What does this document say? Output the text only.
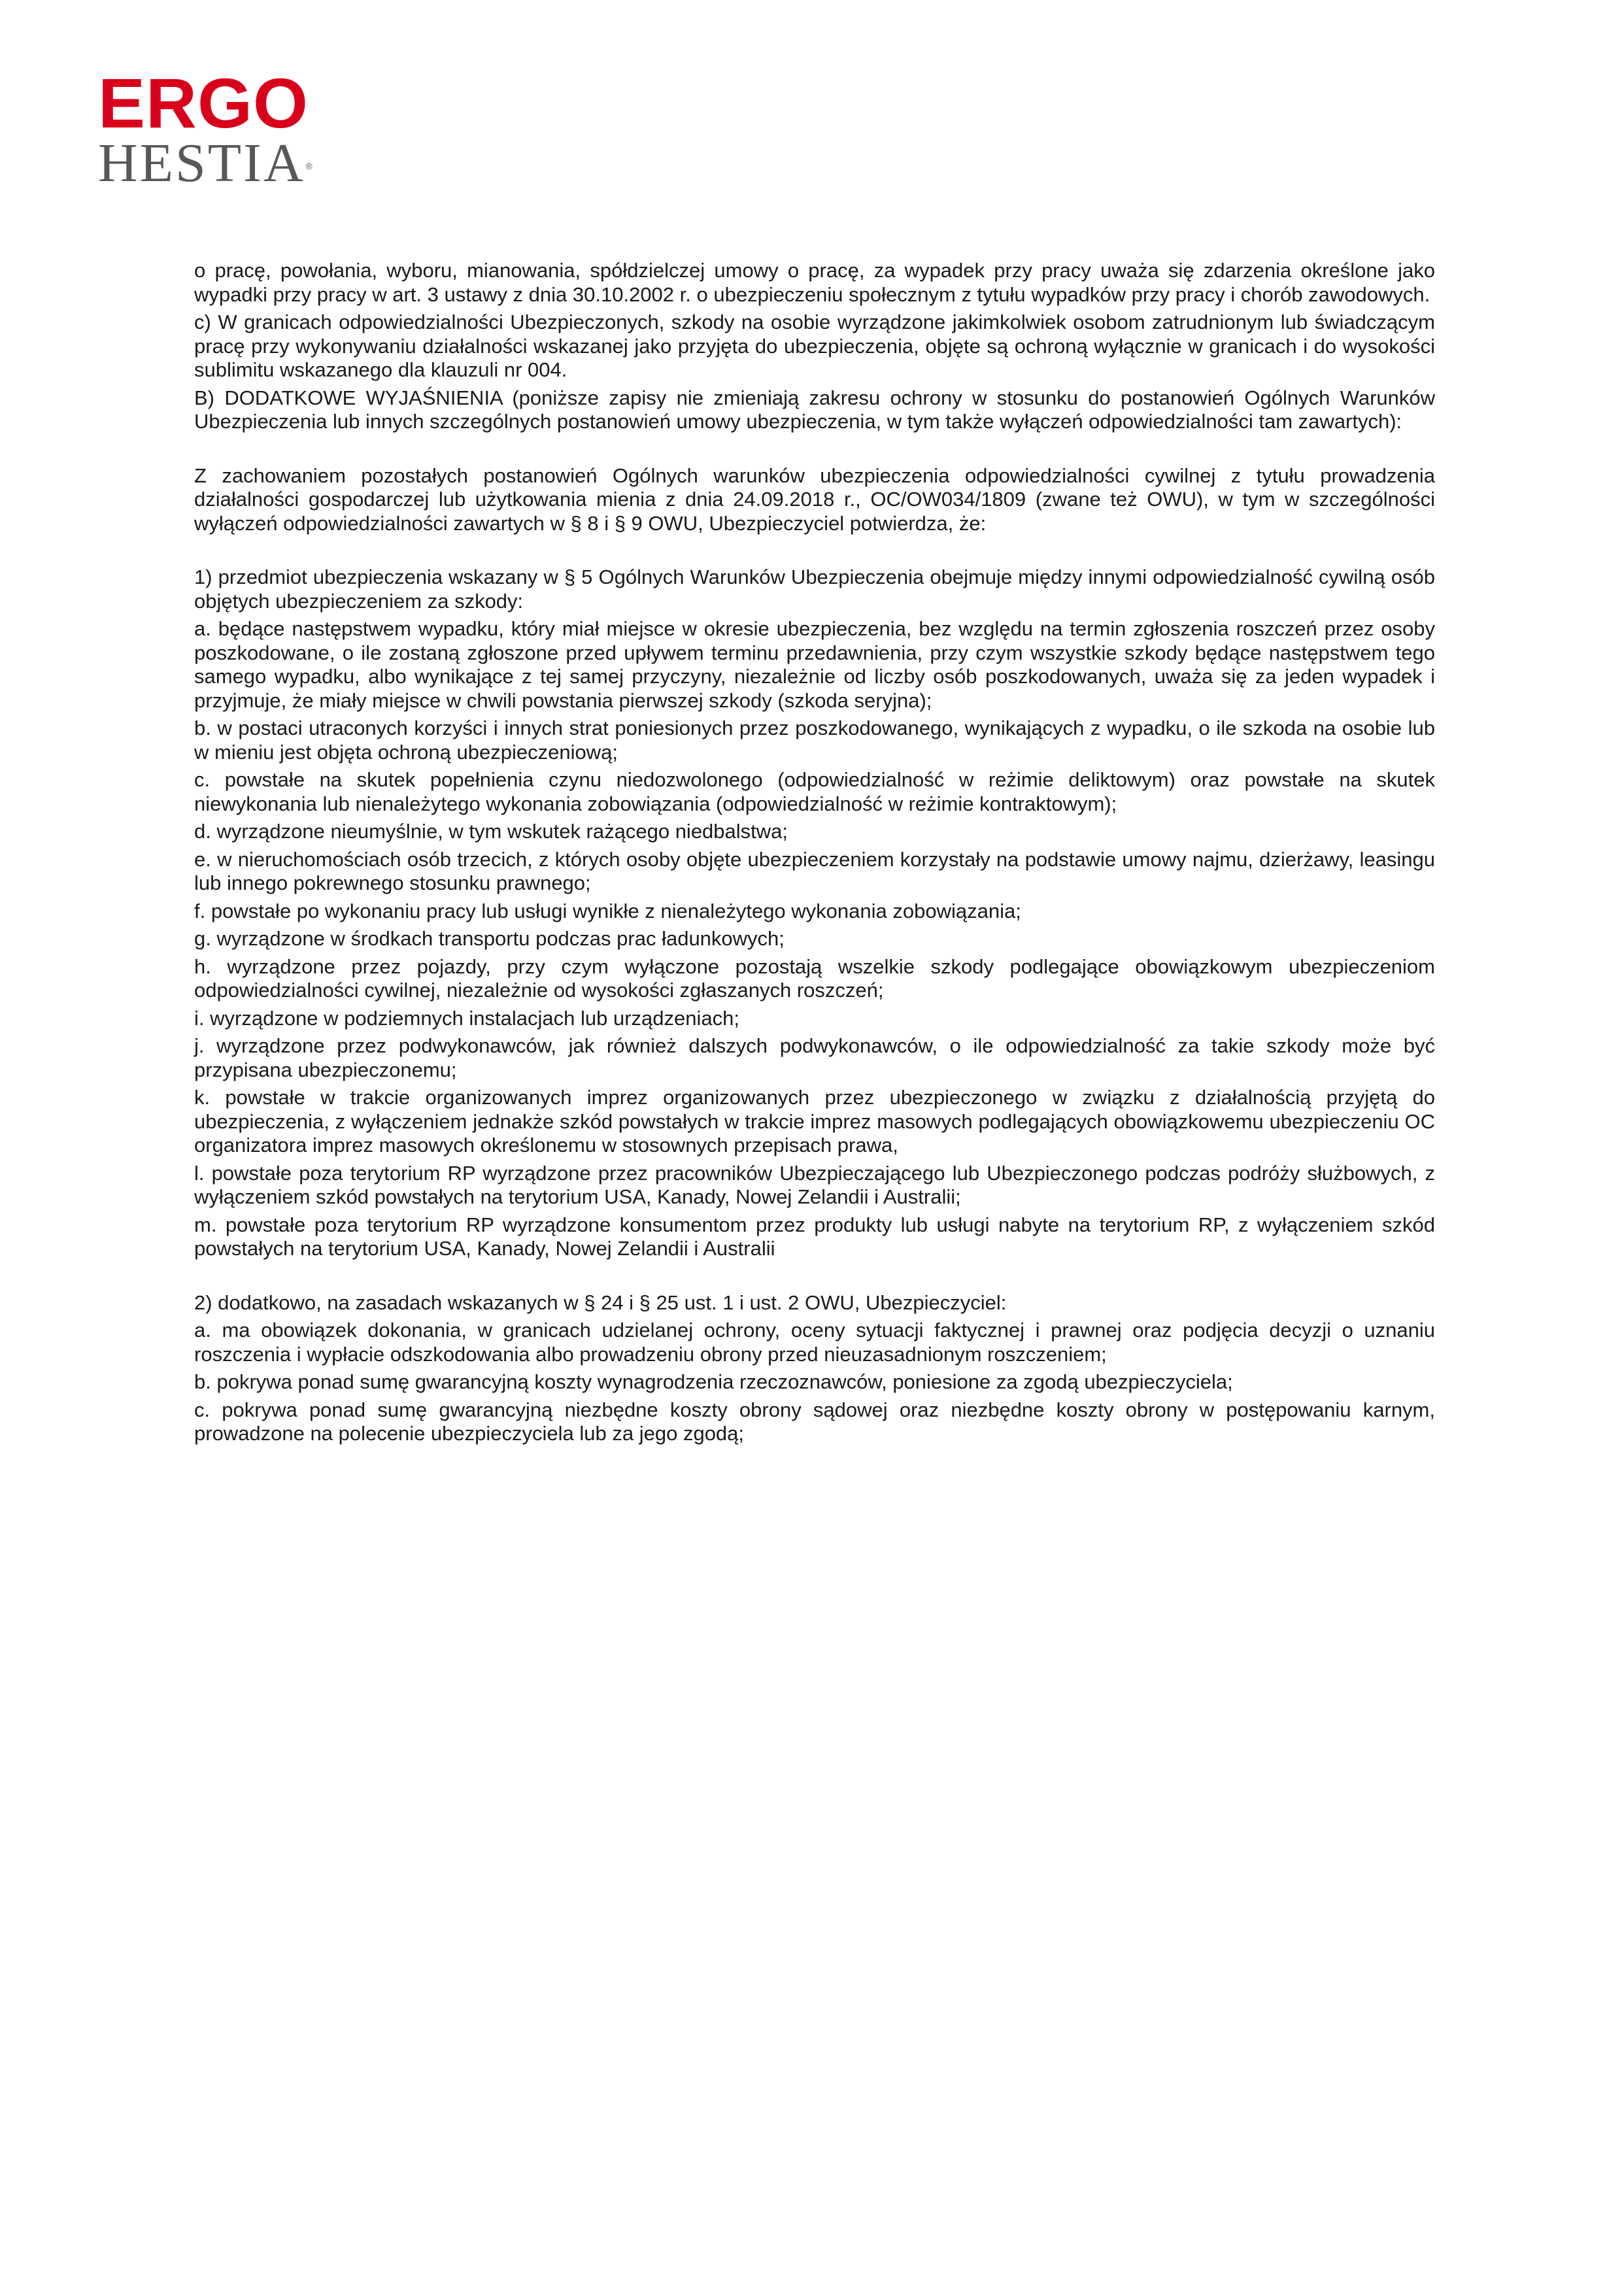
ERGO
HESTIA ®

o pracę, powołania, wyboru, mianowania, spółdzielczej umowy o pracę, za wypadek przy pracy uważa się zdarzenia określone jako wypadki przy pracy w art. 3 ustawy z dnia 30.10.2002 r. o ubezpieczeniu społecznym z tytułu wypadków przy pracy i chorób zawodowych.

c) W granicach odpowiedzialności Ubezpieczonych, szkody na osobie wyrządzone jakimkolwiek osobom zatrudnionym lub świadczącym pracę przy wykonywaniu działalności wskazanej jako przyjęta do ubezpieczenia, objęte są ochroną wyłącznie w granicach i do wysokości sublimitu wskazanego dla klauzuli nr 004.

B) DODATKOWE WYJAŚNIENIA (poniższe zapisy nie zmieniają zakresu ochrony w stosunku do postanowień Ogólnych Warunków Ubezpieczenia lub innych szczególnych postanowień umowy ubezpieczenia, w tym także wyłączeń odpowiedzialności tam zawartych):

Z zachowaniem pozostałych postanowień Ogólnych warunków ubezpieczenia odpowiedzialności cywilnej z tytułu prowadzenia działalności gospodarczej lub użytkowania mienia z dnia 24.09.2018 r., OC/OW034/1809 (zwane też OWU), w tym w szczególności wyłączeń odpowiedzialności zawartych w § 8 i § 9 OWU, Ubezpieczyciel potwierdza, że:

1) przedmiot ubezpieczenia wskazany w § 5 Ogólnych Warunków Ubezpieczenia obejmuje między innymi odpowiedzialność cywilną osób objętych ubezpieczeniem za szkody:

a. będące następstwem wypadku, który miał miejsce w okresie ubezpieczenia, bez względu na termin zgłoszenia roszczeń przez osoby poszkodowane, o ile zostaną zgłoszone przed upływem terminu przedawnienia, przy czym wszystkie szkody będące następstwem tego samego wypadku, albo wynikające z tej samej przyczyny, niezależnie od liczby osób poszkodowanych, uważa się za jeden wypadek i przyjmuje, że miały miejsce w chwili powstania pierwszej szkody (szkoda seryjna);

b. w postaci utraconych korzyści i innych strat poniesionych przez poszkodowanego, wynikających z wypadku, o ile szkoda na osobie lub w mieniu jest objęta ochroną ubezpieczeniową;

c. powstałe na skutek popełnienia czynu niedozwolonego (odpowiedzialność w reżimie deliktowym) oraz powstałe na skutek niewykonania lub nienależytego wykonania zobowiązania (odpowiedzialność w reżimie kontraktowym);

d. wyrządzone nieumyślnie, w tym wskutek rażącego niedbalstwa;

e. w nieruchomościach osób trzecich, z których osoby objęte ubezpieczeniem korzystały na podstawie umowy najmu, dzierżawy, leasingu lub innego pokrewnego stosunku prawnego;

f. powstałe po wykonaniu pracy lub usługi wynikłe z nienależytego wykonania zobowiązania;

g. wyrządzone w środkach transportu podczas prac ładunkowych;

h. wyrządzone przez pojazdy, przy czym wyłączone pozostają wszelkie szkody podlegające obowiązkowym ubezpieczeniom odpowiedzialności cywilnej, niezależnie od wysokości zgłaszanych roszczeń;

i. wyrządzone w podziemnych instalacjach lub urządzeniach;

j. wyrządzone przez podwykonawców, jak również dalszych podwykonawców, o ile odpowiedzialność za takie szkody może być przypisana ubezpieczonemu;

k. powstałe w trakcie organizowanych imprez organizowanych przez ubezpieczonego w związku z działalnością przyjętą do ubezpieczenia, z wyłączeniem jednakże szkód powstałych w trakcie imprez masowych podlegających obowiązkowemu ubezpieczeniu OC organizatora imprez masowych określonemu w stosownych przepisach prawa,

l. powstałe poza terytorium RP wyrządzone przez pracowników Ubezpieczającego lub Ubezpieczonego podczas podróży służbowych, z wyłączeniem szkód powstałych na terytorium USA, Kanady, Nowej Zelandii i Australii;

m. powstałe poza terytorium RP wyrządzone konsumentom przez produkty lub usługi nabyte na terytorium RP, z wyłączeniem szkód powstałych na terytorium USA, Kanady, Nowej Zelandii i Australii

2) dodatkowo, na zasadach wskazanych w § 24 i § 25 ust. 1 i ust. 2 OWU, Ubezpieczyciel:

a. ma obowiązek dokonania, w granicach udzielanej ochrony, oceny sytuacji faktycznej i prawnej oraz podjęcia decyzji o uznaniu roszczenia i wypłacie odszkodowania albo prowadzeniu obrony przed nieuzasadnionym roszczeniem;

b. pokrywa ponad sumę gwarancyjną koszty wynagrodzenia rzeczoznawców, poniesione za zgodą ubezpieczyciela;

c. pokrywa ponad sumę gwarancyjną niezbędne koszty obrony sądowej oraz niezbędne koszty obrony w postępowaniu karnym, prowadzone na polecenie ubezpieczyciela lub za jego zgodą;
